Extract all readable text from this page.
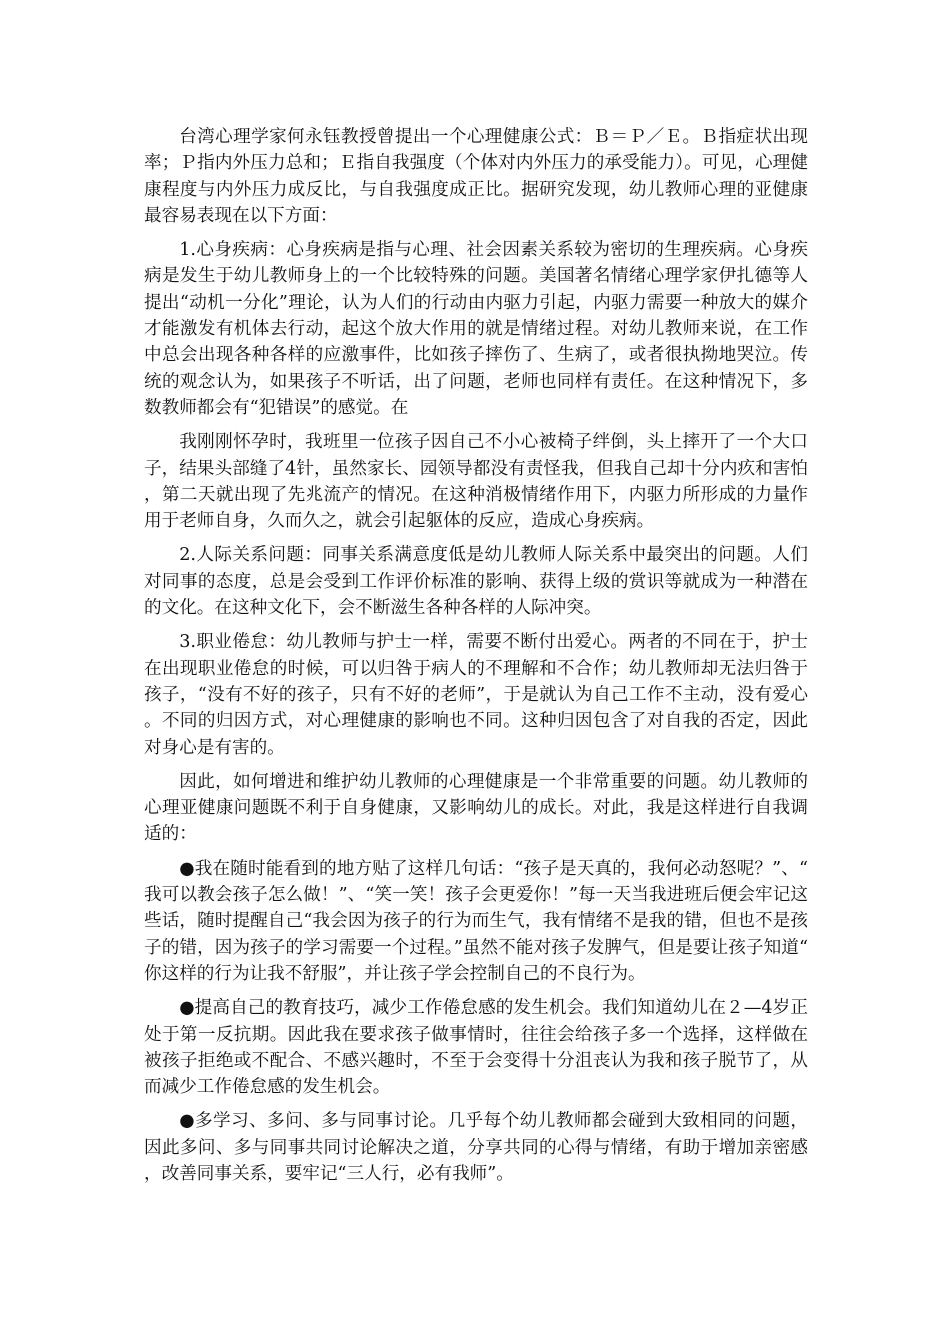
台湾心理学家何永钰教授曾提出一个心理健康公式：Ｂ＝Ｐ／Ｅ。Ｂ指症状出现率；Ｐ指内外压力总和；Ｅ指自我强度（个体对内外压力的承受能力）。可见，心理健康程度与内外压力成反比，与自我强度成正比。据研究发现，幼儿教师心理的亚健康最容易表现在以下方面：

1.心身疾病：心身疾病是指与心理、社会因素关系较为密切的生理疾病。心身疾病是发生于幼儿教师身上的一个比较特殊的问题。美国著名情绪心理学家伊扎德等人提出“动机一分化”理论，认为人们的行动由内驱力引起，内驱力需要一种放大的媒介才能激发有机体去行动，起这个放大作用的就是情绪过程。对幼儿教师来说，在工作中总会出现各种各样的应激事件，比如孩子摔伤了、生病了，或者很执拗地哭泣。传统的观念认为，如果孩子不听话，出了问题，老师也同样有责任。在这种情况下，多数教师都会有“犯错误”的感觉。在

我刚刚怀孕时，我班里一位孩子因自己不小心被椅子绊倒，头上摔开了一个大口子，结果头部缝了4针，虽然家长、园领导都没有责怪我，但我自己却十分内疚和害怕，第二天就出现了先兆流产的情况。在这种消极情绪作用下，内驱力所形成的力量作用于老师自身，久而久之，就会引起躯体的反应，造成心身疾病。

2.人际关系问题：同事关系满意度低是幼儿教师人际关系中最突出的问题。人们对同事的态度，总是会受到工作评价标准的影响、获得上级的赏识等就成为一种潜在的文化。在这种文化下，会不断滋生各种各样的人际冲突。

3.职业倦怠：幼儿教师与护士一样，需要不断付出爱心。两者的不同在于，护士在出现职业倦怠的时候，可以归咎于病人的不理解和不合作；幼儿教师却无法归咎于孩子，“没有不好的孩子，只有不好的老师”，于是就认为自己工作不主动，没有爱心。不同的归因方式，对心理健康的影响也不同。这种归因包含了对自我的否定，因此对身心是有害的。

因此，如何增进和维护幼儿教师的心理健康是一个非常重要的问题。幼儿教师的心理亚健康问题既不利于自身健康，又影响幼儿的成长。对此，我是这样进行自我调适的：

●我在随时能看到的地方贴了这样几句话：“孩子是天真的，我何必动怒呢？”、“我可以教会孩子怎么做！”、“笑一笑！孩子会更爱你！”每一天当我进班后便会牢记这些话，随时提醒自己“我会因为孩子的行为而生气，我有情绪不是我的错，但也不是孩子的错，因为孩子的学习需要一个过程。”虽然不能对孩子发脾气，但是要让孩子知道“你这样的行为让我不舒服”，并让孩子学会控制自己的不良行为。

●提高自己的教育技巧，减少工作倦怠感的发生机会。我们知道幼儿在２—4岁正处于第一反抗期。因此我在要求孩子做事情时，往往会给孩子多一个选择，这样做在被孩子拒绝或不配合、不感兴趣时，不至于会变得十分沮丧认为我和孩子脱节了，从而减少工作倦怠感的发生机会。

●多学习、多问、多与同事讨论。几乎每个幼儿教师都会碰到大致相同的问题，因此多问、多与同事共同讨论解决之道，分享共同的心得与情绪，有助于增加亲密感，改善同事关系，要牢记“三人行，必有我师”。
